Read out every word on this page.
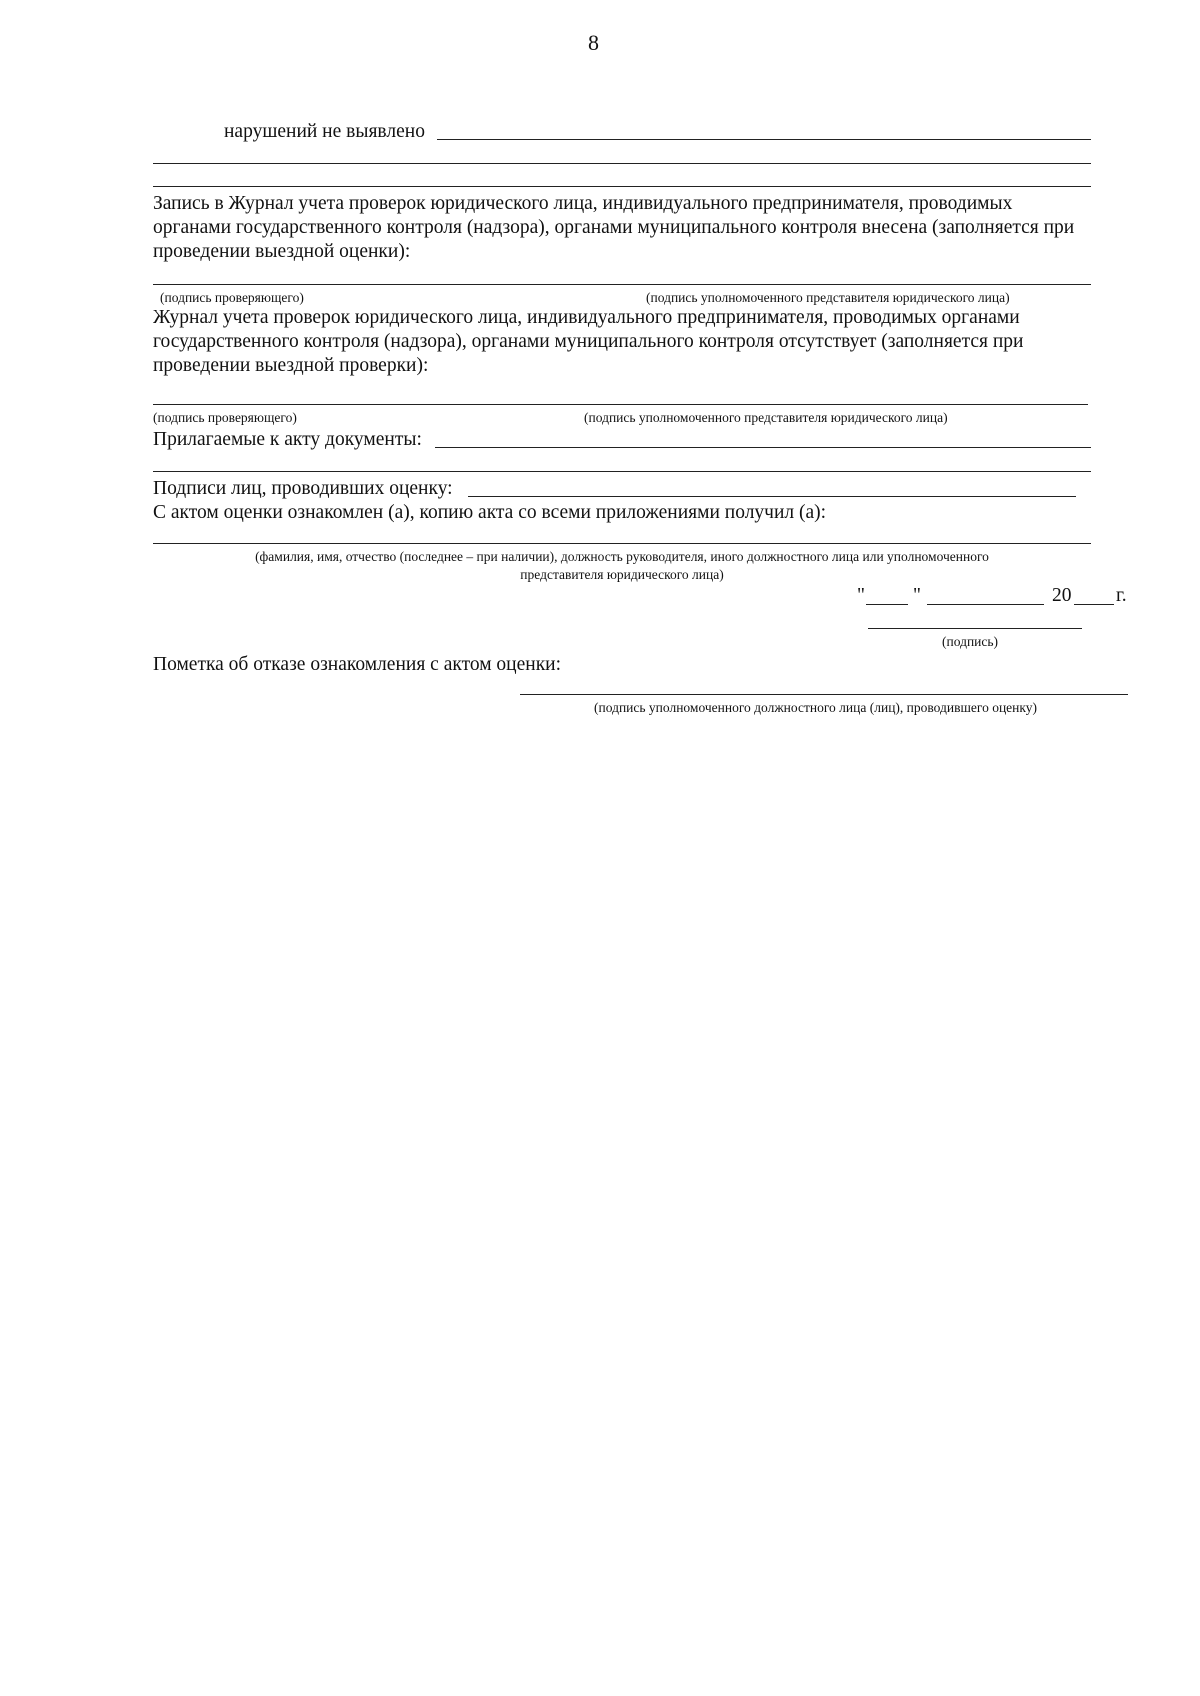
8
нарушений не выявлено
Запись в Журнал учета проверок юридического лица, индивидуального предпринимателя, проводимых
органами государственного контроля (надзора), органами муниципального контроля внесена (заполняется при
проведении выездной оценки):
(подпись проверяющего)	(подпись уполномоченного представителя юридического лица)
Журнал учета проверок юридического лица, индивидуального предпринимателя, проводимых органами
государственного контроля (надзора), органами муниципального контроля отсутствует (заполняется при
проведении выездной проверки):
(подпись проверяющего)	(подпись уполномоченного представителя юридического лица)
Прилагаемые к акту документы:
Подписи лиц, проводивших оценку:
С актом оценки ознакомлен (а), копию акта со всеми приложениями получил (а):
(фамилия, имя, отчество (последнее – при наличии), должность руководителя, иного должностного лица или уполномоченного
представителя юридического лица)
" "	20 г.
(подпись)
Пометка об отказе ознакомления с актом оценки:
(подпись уполномоченного должностного лица (лиц), проводившего оценку)
